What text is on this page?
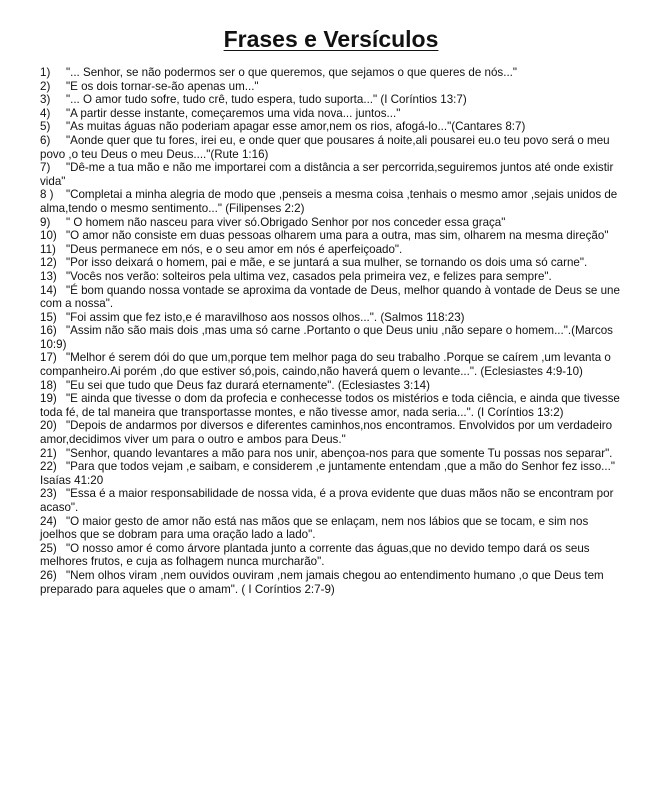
Frases e Versículos
1) "... Senhor, se não podermos ser o que queremos, que sejamos o que queres de nós..."
2) "E os dois tornar-se-ão apenas um..."
3) "... O amor tudo sofre, tudo crê, tudo espera, tudo suporta..." (I Coríntios 13:7)
4) "A partir desse instante, começaremos uma vida nova... juntos..."
5) "As muitas águas não poderiam apagar esse amor,nem os rios, afogá-lo..."(Cantares 8:7)
6) "Aonde quer que tu fores, irei eu, e onde quer que pousares á noite,ali pousarei eu.o teu povo será o meu povo ,o teu Deus o meu Deus...."(Rute 1:16)
7) "Dê-me a tua mão e não me importarei com a distância a ser percorrida,seguiremos juntos até onde existir vida"
8 ) "Completai a minha alegria de modo que ,penseis a mesma coisa ,tenhais o mesmo amor ,sejais unidos de alma,tendo o mesmo sentimento..." (Filipenses 2:2)
9) " O homem não nasceu para viver só.Obrigado Senhor por nos conceder essa graça"
10) "O amor não consiste em duas pessoas olharem uma para a outra, mas sim, olharem na mesma direção"
11) "Deus permanece em nós, e o seu amor em nós é aperfeiçoado".
12) "Por isso deixará o homem, pai e mãe, e se juntará a sua mulher, se tornando os dois uma só carne".
13) "Vocês nos verão: solteiros pela ultima vez, casados pela primeira vez, e felizes para sempre".
14) "É bom quando nossa vontade se aproxima da vontade de Deus, melhor quando à vontade de Deus se une com a nossa".
15) "Foi assim que fez isto,e é maravilhoso aos nossos olhos...". (Salmos 118:23)
16) "Assim não são mais dois ,mas uma só carne .Portanto o que Deus uniu ,não separe o homem...".(Marcos 10:9)
17) "Melhor é serem dói do que um,porque tem melhor paga do seu trabalho .Porque se caírem ,um levanta o companheiro.Ai porém ,do que estiver só,pois, caindo,não haverá quem o levante...". (Eclesiastes 4:9-10)
18) "Eu sei que tudo que Deus faz durará eternamente". (Eclesiastes 3:14)
19) "E ainda que tivesse o dom da profecia e conhecesse todos os mistérios e toda ciência, e ainda que tivesse toda fé, de tal maneira que transportasse montes, e não tivesse amor, nada seria...". (I Coríntios 13:2)
20) "Depois de andarmos por diversos e diferentes caminhos,nos encontramos. Envolvidos por um verdadeiro amor,decidimos viver um para o outro e ambos para Deus."
21) "Senhor, quando levantares a mão para nos unir, abençoa-nos para que somente Tu possas nos separar".
22) "Para que todos vejam ,e saibam, e considerem ,e juntamente entendam ,que a mão do Senhor fez isso..." Isaías 41:20
23) "Essa é a maior responsabilidade de nossa vida, é a prova evidente que duas mãos não se encontram por acaso".
24) "O maior gesto de amor não está nas mãos que se enlaçam, nem nos lábios que se tocam, e sim nos joelhos que se dobram para uma oração lado a lado".
25) "O nosso amor é como árvore plantada junto a corrente das águas,que no devido tempo dará os seus melhores frutos, e cuja as folhagem nunca murcharão".
26) "Nem olhos viram ,nem ouvidos ouviram ,nem jamais chegou ao entendimento humano ,o que Deus tem preparado para aqueles que o amam". ( I Coríntios 2:7-9)
